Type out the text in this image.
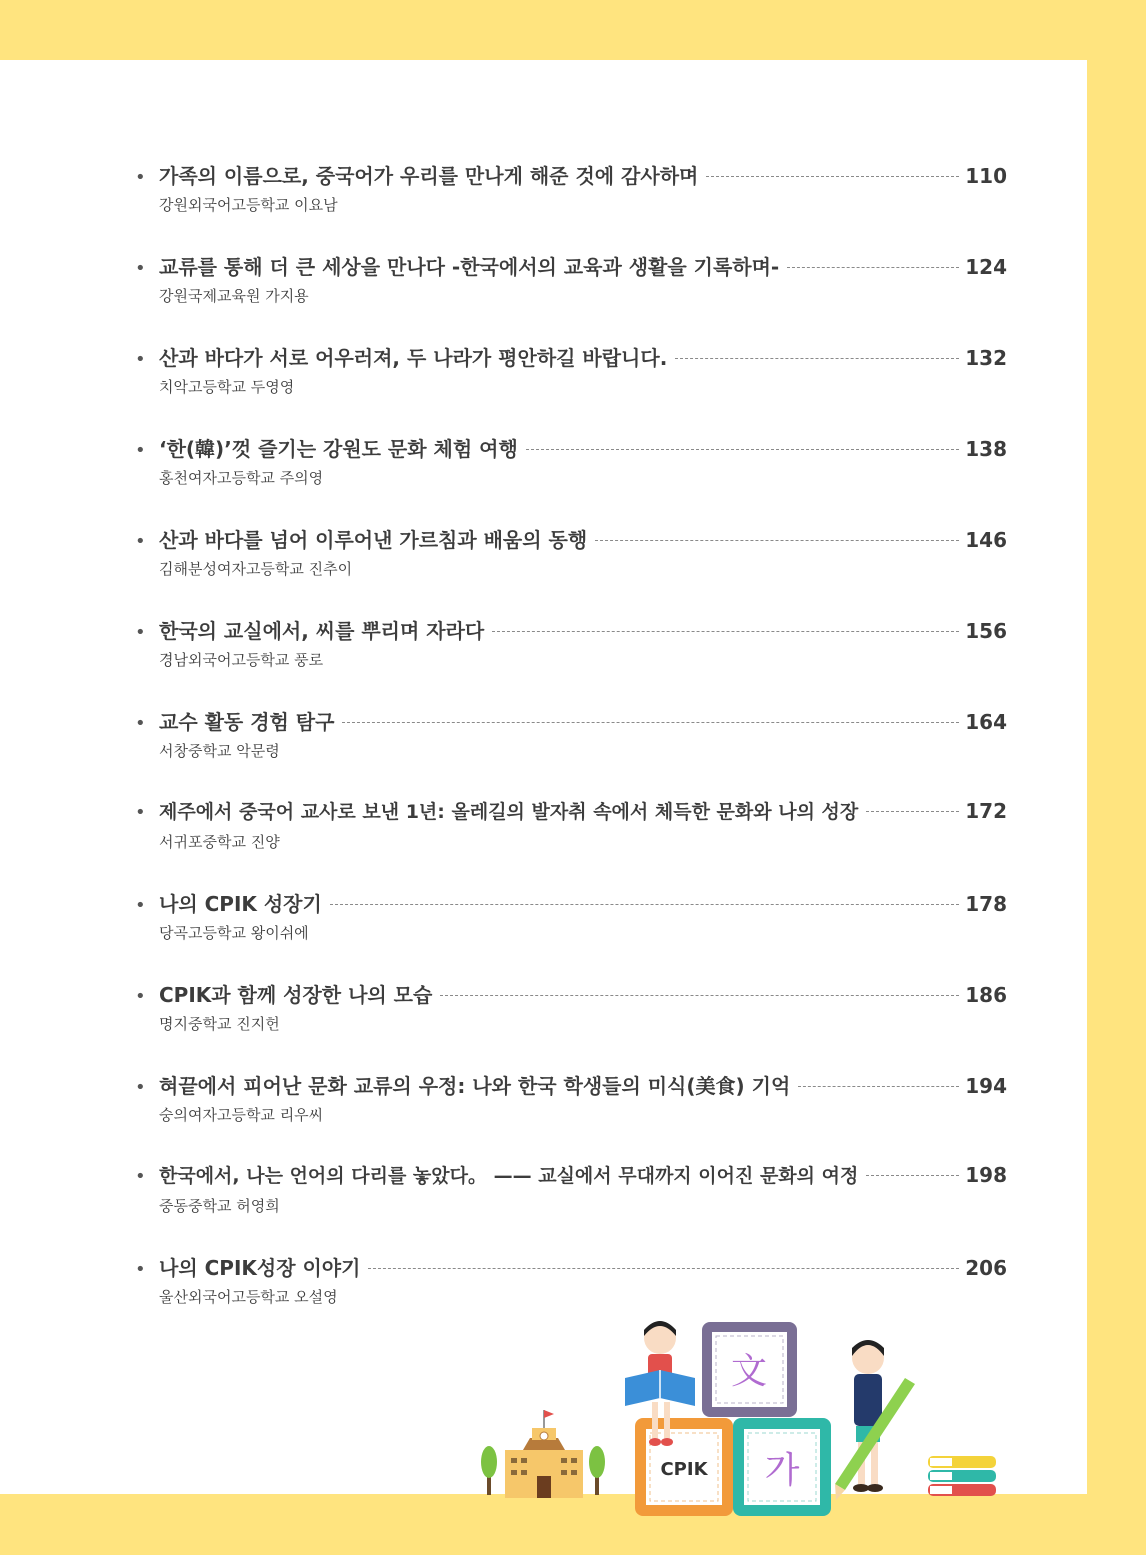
• 가족의 이름으로, 중국어가 우리를 만나게 해준 것에 감사하며	110
강원외국어고등학교 이요남
• 교류를 통해 더 큰 세상을 만나다 -한국에서의 교육과 생활을 기록하며-	124
강원국제교육원 가지용
• 산과 바다가 서로 어우러져, 두 나라가 평안하길 바랍니다.	132
치악고등학교 두영영
• ‘한(韓)’껏 즐기는 강원도 문화 체험 여행	138
홍천여자고등학교 주의영
• 산과 바다를 넘어 이루어낸 가르침과 배움의 동행	146
김해분성여자고등학교 진추이
• 한국의 교실에서, 씨를 뿌리며 자라다	156
경남외국어고등학교 풍로
• 교수 활동 경험 탐구	164
서창중학교 악문령
• 제주에서 중국어 교사로 보낸 1년: 올레길의 발자취 속에서 체득한 문화와 나의 성장	172
서귀포중학교 진양
• 나의 CPIK 성장기	178
당곡고등학교 왕이쉬에
• CPIK과 함께 성장한 나의 모습	186
명지중학교 진지헌
• 혀끝에서 피어난 문화 교류의 우정: 나와 한국 학생들의 미식(美食) 기억	194
숭의여자고등학교 리우씨
• 한국에서, 나는 언어의 다리를 놓았다。 —— 교실에서 무대까지 이어진 문화의 여정	198
중동중학교 허영희
• 나의 CPIK성장 이야기	206
울산외국어고등학교 오설영
文
CPIK 가
